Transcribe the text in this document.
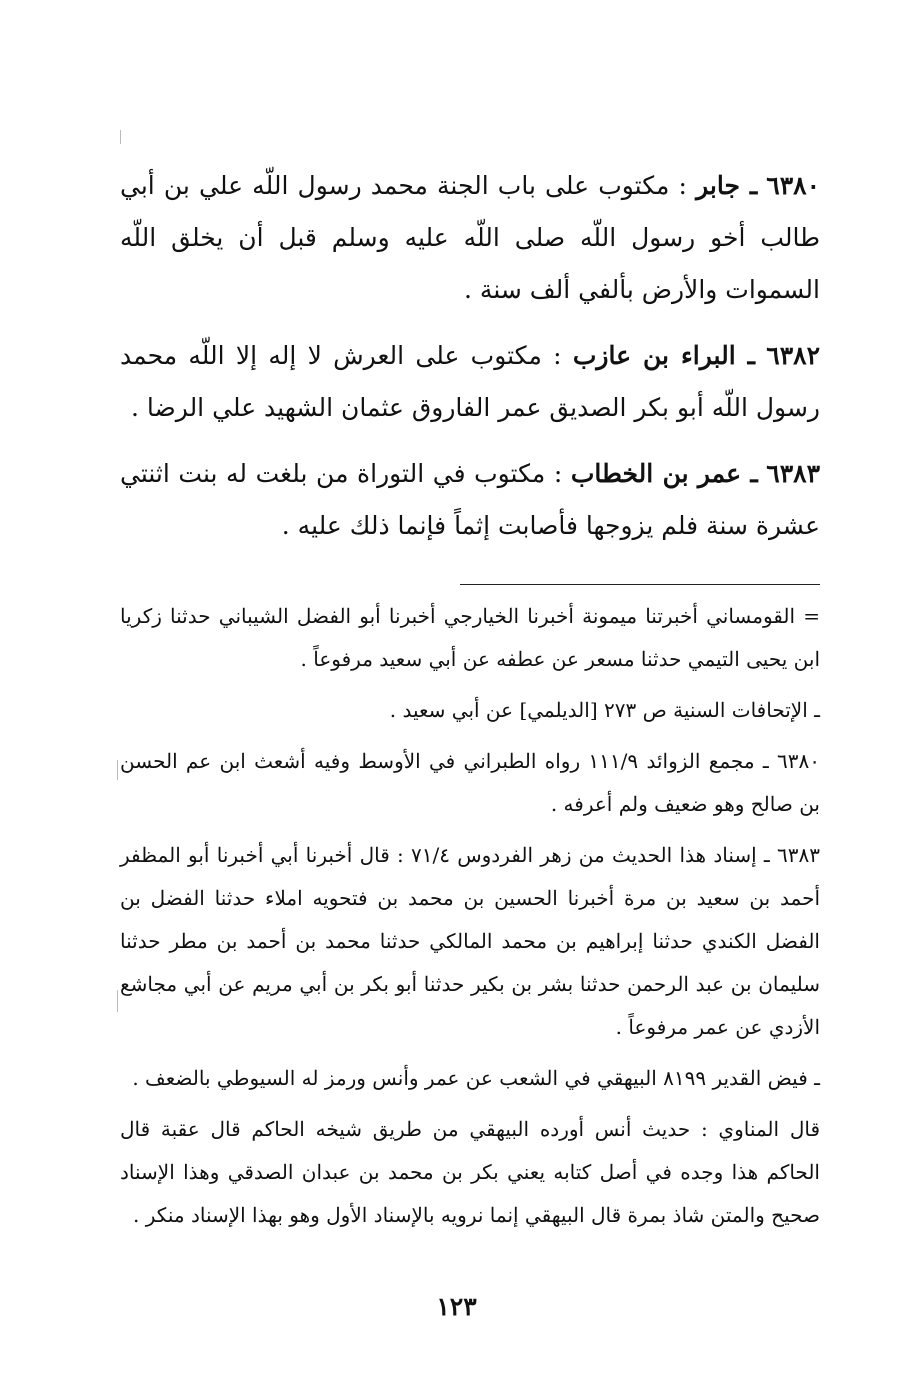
٦٣٨٠ ـ جابر : مكتوب على باب الجنة محمد رسول اللّه علي بن أبي طالب أخو رسول اللّه صلى اللّه عليه وسلم قبل أن يخلق اللّه السموات والأرض بألفي ألف سنة .

٦٣٨٢ ـ البراء بن عازب : مكتوب على العرش لا إله إلا اللّه محمد رسول اللّه أبو بكر الصديق عمر الفاروق عثمان الشهيد علي الرضا .

٦٣٨٣ ـ عمر بن الخطاب : مكتوب في التوراة من بلغت له بنت اثنتي عشرة سنة فلم يزوجها فأصابت إثماً فإنما ذلك عليه .

= القومساني أخبرتنا ميمونة أخبرنا الخيارجي أخبرنا أبو الفضل الشيباني حدثنا زكريا ابن يحيى التيمي حدثنا مسعر عن عطفه عن أبي سعيد مرفوعاً .

ـ الإتحافات السنية ص ٢٧٣ [الديلمي] عن أبي سعيد .

٦٣٨٠ ـ مجمع الزوائد ١١١/٩ رواه الطبراني في الأوسط وفيه أشعث ابن عم الحسن بن صالح وهو ضعيف ولم أعرفه .

٦٣٨٣ ـ إسناد هذا الحديث من زهر الفردوس ٧١/٤ : قال أخبرنا أبي أخبرنا أبو المظفر أحمد بن سعيد بن مرة أخبرنا الحسين بن محمد بن فتحويه املاء حدثنا الفضل بن الفضل الكندي حدثنا إبراهيم بن محمد المالكي حدثنا محمد بن أحمد بن مطر حدثنا سليمان بن عبد الرحمن حدثنا بشر بن بكير حدثنا أبو بكر بن أبي مريم عن أبي مجاشع الأزدي عن عمر مرفوعاً .

ـ فيض القدير ٨١٩٩ البيهقي في الشعب عن عمر وأنس ورمز له السيوطي بالضعف .

قال المناوي : حديث أنس أورده البيهقي من طريق شيخه الحاكم قال عقبة قال الحاكم هذا وجده في أصل كتابه يعني بكر بن محمد بن عبدان الصدقي وهذا الإسناد صحيح والمتن شاذ بمرة قال البيهقي إنما نرويه بالإسناد الأول وهو بهذا الإسناد منكر .

١٢٣
